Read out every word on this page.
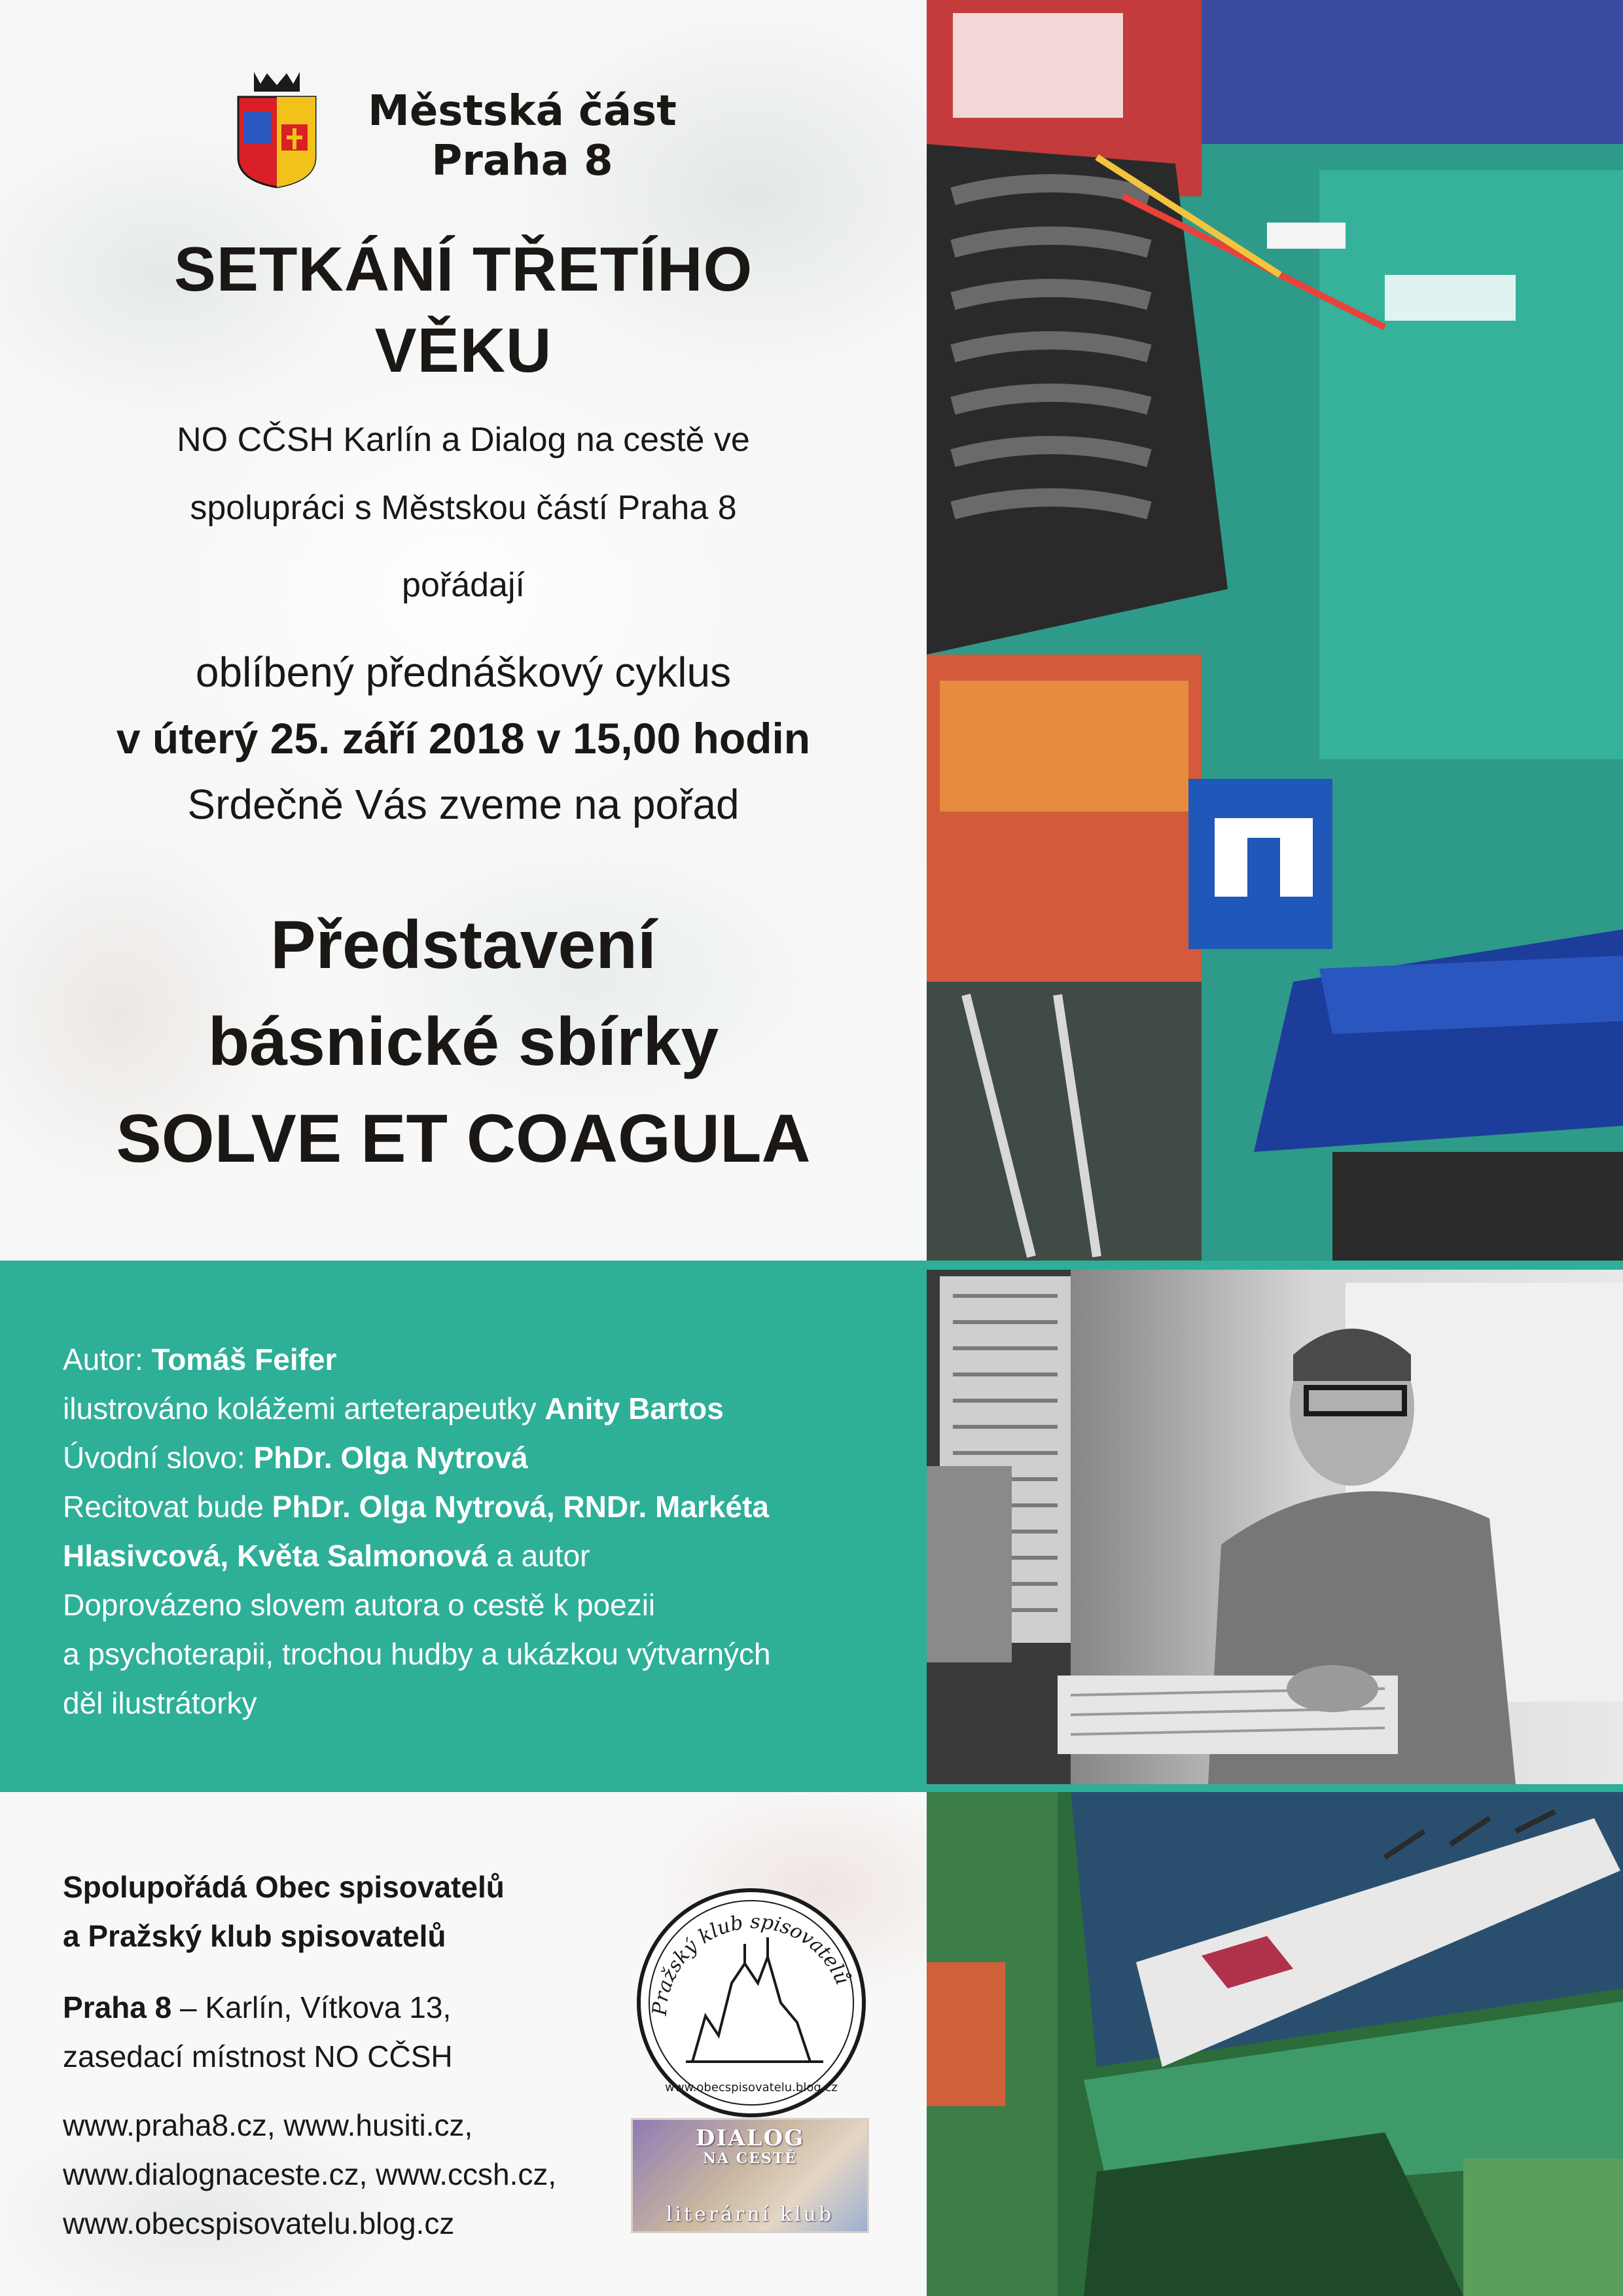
Městská část
Praha 8
SETKÁNÍ TŘETÍHO
VĚKU
NO CČSH Karlín a Dialog na cestě ve
spolupráci s Městskou částí Praha 8
pořádají
oblíbený přednáškový cyklus
v úterý 25. září 2018 v 15,00 hodin
Srdečně Vás zveme na pořad
Představení
básnické sbírky
SOLVE ET COAGULA
Autor: Tomáš Feifer
ilustrováno kolážemi arteterapeutky Anity Bartos
Úvodní slovo: PhDr. Olga Nytrová
Recitovat bude PhDr. Olga Nytrová, RNDr. Markéta
Hlasivcová, Květa Salmonová a autor
Doprovázeno slovem autora o cestě k poezii
a psychoterapii, trochou hudby a ukázkou výtvarných
děl ilustrátorky
Spolupořádá Obec spisovatelů
a Pražský klub spisovatelů
Praha 8 – Karlín, Vítkova 13,
zasedací místnost NO CČSH
www.praha8.cz, www.husiti.cz,
www.dialognaceste.cz, www.ccsh.cz,
www.obecspisovatelu.blog.cz
Pražský klub spisovatelů
www.obecspisovatelu.blog.cz
DIALOG
NA CESTĚ
literární klub
